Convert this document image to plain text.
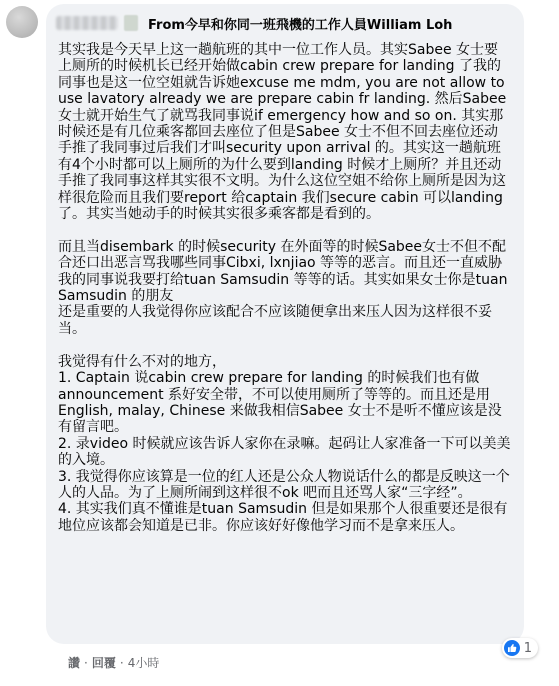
From今早和你同一班飛機的工作人員William Loh

其实我是今天早上这一趟航班的其中一位工作人员。其实Sabee 女士要上厕所的时候机长已经开始做cabin crew prepare for landing 了我的同事也是这一位空姐就告诉她excuse me mdm, you are not allow to use lavatory already we are prepare cabin fr landing. 然后Sabee 女士就开始生气了就骂我同事说if emergency how and so on. 其实那时候还是有几位乘客都回去座位了但是Sabee 女士不但不回去座位还动手推了我同事过后我们才叫security upon arrival 的。其实这一趟航班有4个小时都可以上厕所的为什么要到landing 时候才上厕所？并且还动手推了我同事这样其实很不文明。为什么这位空姐不给你上厕所是因为这样很危险而且我们要report 给captain 我们secure cabin 可以landing 了。其实当她动手的时候其实很多乘客都是看到的。

而且当disembark 的时候security 在外面等的时候Sabee女士不但不配合还口出恶言骂我哪些同事Cibxi, lxnjiao 等等的恶言。而且还一直威胁我的同事说我要打给tuan Samsudin 等等的话。其实如果女士你是tuan Samsudin 的朋友
还是重要的人我觉得你应该配合不应该随便拿出来压人因为这样很不妥当。

我觉得有什么不对的地方，
1. Captain 说cabin crew prepare for landing 的时候我们也有做announcement 系好安全带，不可以使用厕所了等等的。而且还是用English, malay, Chinese 来做我相信Sabee 女士不是听不懂应该是没有留言吧。
2. 录video 时候就应该告诉人家你在录嘛。起码让人家准备一下可以美美的入境。
3. 我觉得你应该算是一位的红人还是公众人物说话什么的都是反映这一个人的人品。为了上厕所闹到这样很不ok 吧而且还骂人家“三字经”。
4. 其实我们真不懂谁是tuan Samsudin 但是如果那个人很重要还是很有地位应该都会知道是已非。你应该好好像他学习而不是拿来压人。

1
讚 · 回覆 · 4小時
